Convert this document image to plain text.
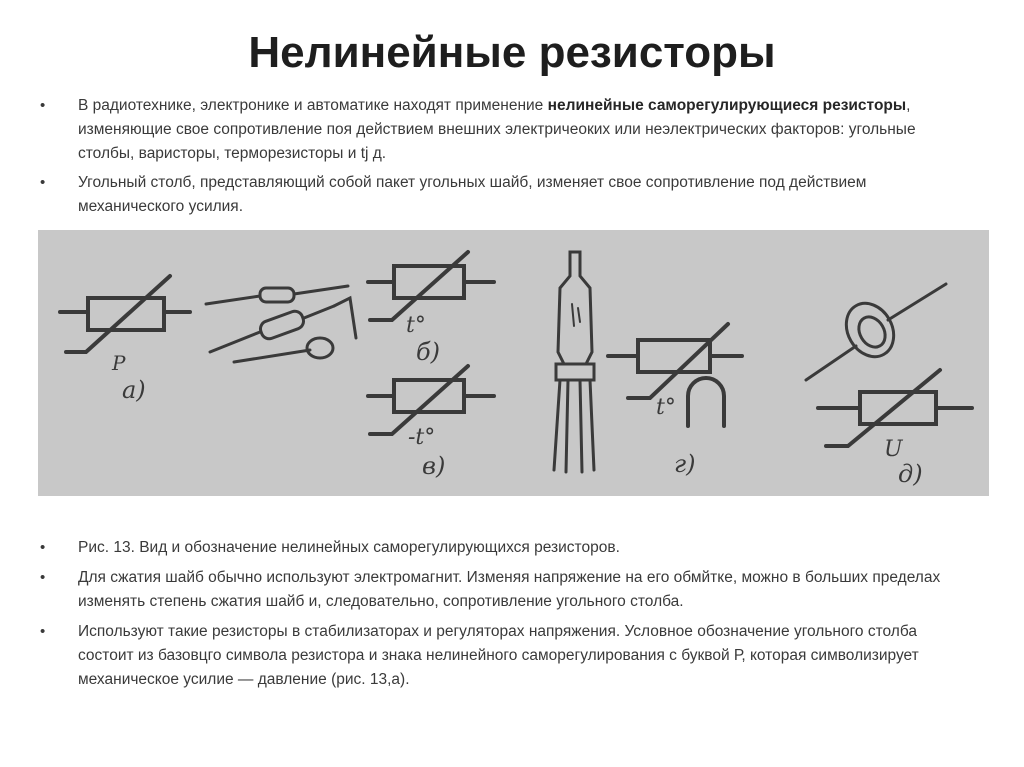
Нелинейные резисторы
• В радиотехнике, электронике и автоматике находят применение нелинейные саморегулирующиеся резисторы, изменяющие свое сопротивление поя действием внешних электричеоких или неэлектрических факторов: угольные столбы, варисторы, терморезисторы и tj д.
• Угольный столб, представляющий собой пакет угольных шайб, изменяет свое сопротивление под действием механического усилия.
P
а)
t°
б)
-t°
в)
t°
г)
U
д)
• Рис. 13. Вид и обозначение нелинейных саморегулирующихся резисторов.
• Для сжатия шайб обычно используют электромагнит. Изменяя напряжение на его обмйтке, можно в больших пределах изменять степень сжатия шайб и, следовательно, сопротивление угольного столба.
• Используют такие резисторы в стабилизаторах и регуляторах напряжения. Условное обозначение угольного столба состоит из базовцго символа резистора и знака нелинейного саморегулирования с буквой Р, которая символизирует механическое усилие — давление (рис. 13,а).
